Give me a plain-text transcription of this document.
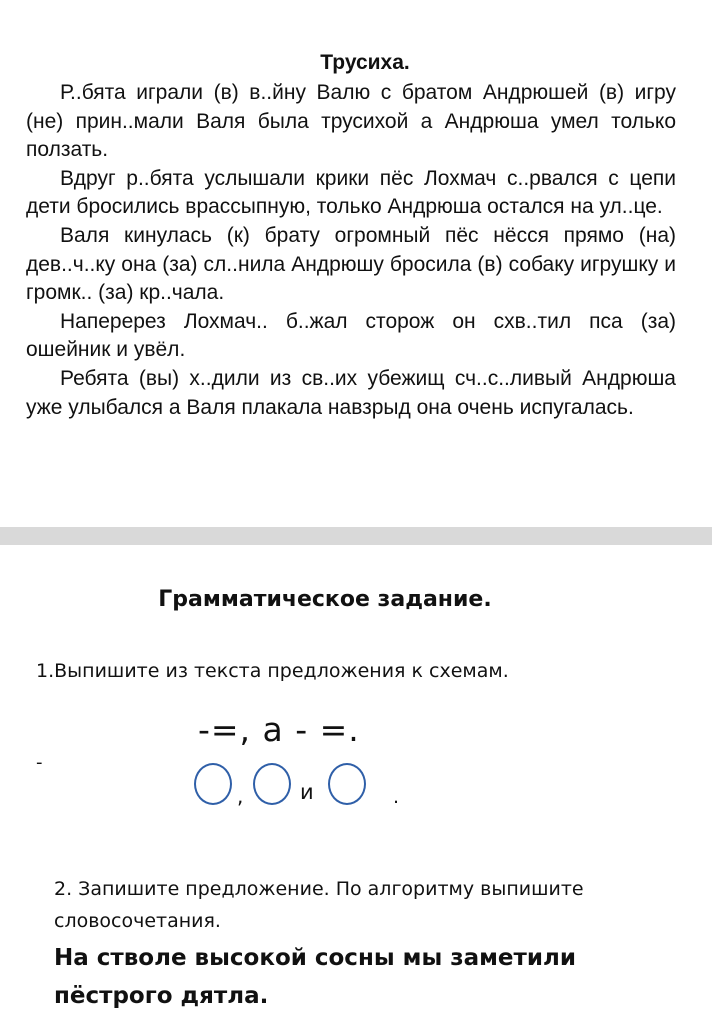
Трусиха.

Р..бята играли (в) в..йну Валю с братом Андрюшей (в) игру (не) прин..мали Валя была трусихой а Андрюша умел только ползать.

Вдруг р..бята услышали крики пёс Лохмач с..рвался с цепи дети бросились врассыпную, только Андрюша остался на ул..це.

Валя кинулась (к) брату огромный пёс нёсся прямо (на) дев..ч..ку она (за) сл..нила Андрюшу бросила (в) собаку игрушку и громк.. (за) кр..чала.

Наперерез Лохмач.. б..жал сторож он схв..тил пса (за) ошейник и увёл.

Ребята (вы) х..дили из св..их убежищ сч..с..ливый Андрюша уже улыбался а Валя плакала навзрыд она очень испугалась.

Грамматическое задание.
1.Выпишите из текста предложения к схемам.
-=, а - =.
-
,	и	.
2. Запишите предложение. По алгоритму выпишите словосочетания.
На стволе высокой сосны мы заметили пёстрого дятла.
